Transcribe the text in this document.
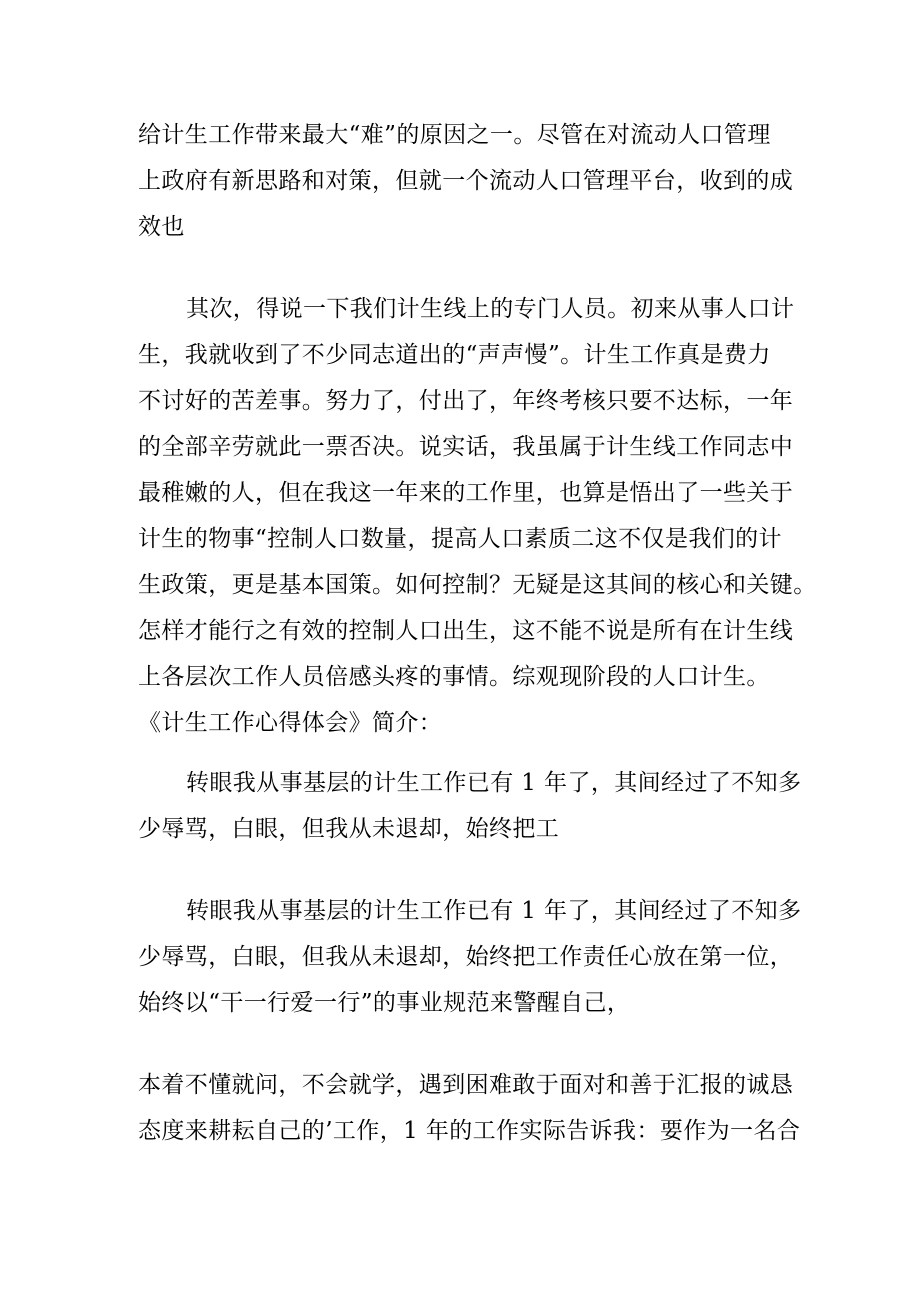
给计生工作带来最大“难”的原因之一。尽管在对流动人口管理
上政府有新思路和对策，但就一个流动人口管理平台，收到的成
效也

其次，得说一下我们计生线上的专门人员。初来从事人口计
生，我就收到了不少同志道出的“声声慢”。计生工作真是费力
不讨好的苦差事。努力了，付出了，年终考核只要不达标，一年
的全部辛劳就此一票否决。说实话，我虽属于计生线工作同志中
最稚嫩的人，但在我这一年来的工作里，也算是悟出了一些关于
计生的物事“控制人口数量，提高人口素质二这不仅是我们的计
生政策，更是基本国策。如何控制？无疑是这其间的核心和关键。
怎样才能行之有效的控制人口出生，这不能不说是所有在计生线
上各层次工作人员倍感头疼的事情。综观现阶段的人口计生。
《计生工作心得体会》简介：

转眼我从事基层的计生工作已有 1 年了，其间经过了不知多
少辱骂，白眼，但我从未退却，始终把工

转眼我从事基层的计生工作已有 1 年了，其间经过了不知多
少辱骂，白眼，但我从未退却，始终把工作责任心放在第一位，
始终以“干一行爱一行”的事业规范来警醒自己，

本着不懂就问，不会就学，遇到困难敢于面对和善于汇报的诚恳
态度来耕耘自己的’工作，1 年的工作实际告诉我：要作为一名合
